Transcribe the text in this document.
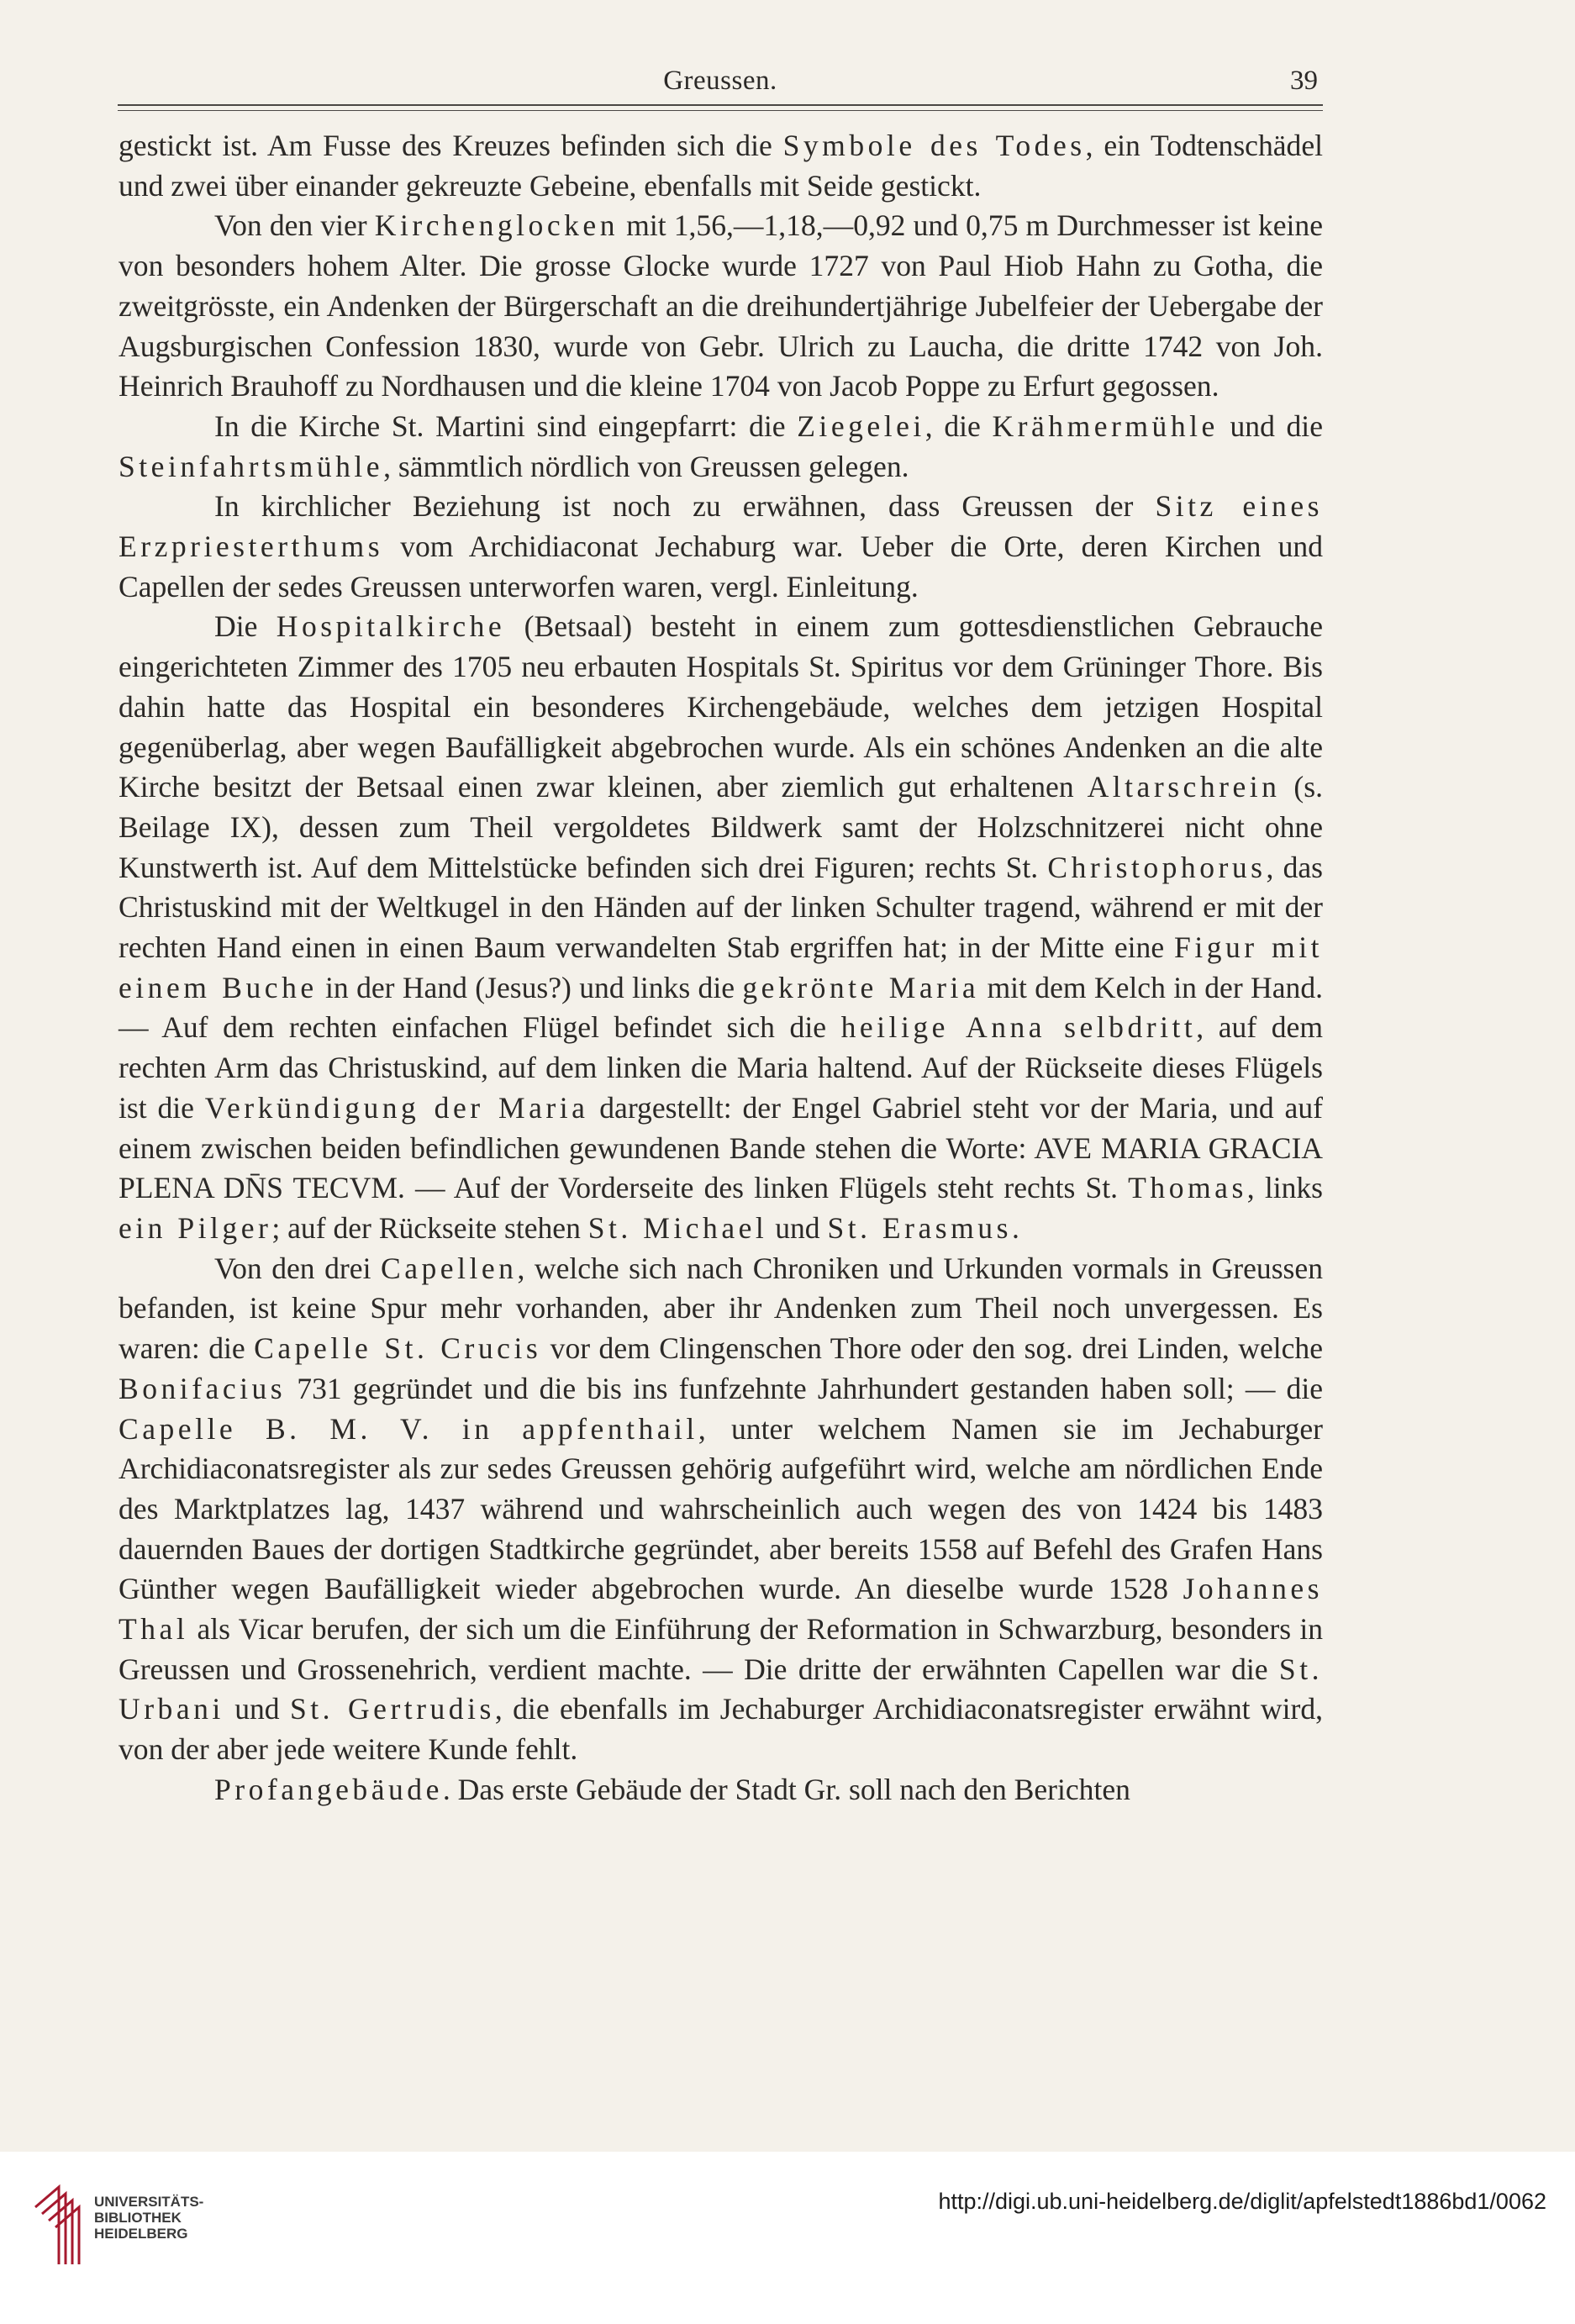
Greussen.	39

gestickt ist. Am Fusse des Kreuzes befinden sich die Symbole des Todes, ein Todtenschädel und zwei über einander gekreuzte Gebeine, ebenfalls mit Seide gestickt.

Von den vier Kirchenglocken mit 1,56,—1,18,—0,92 und 0,75 m Durchmesser ist keine von besonders hohem Alter. Die grosse Glocke wurde 1727 von Paul Hiob Hahn zu Gotha, die zweitgrösste, ein Andenken der Bürgerschaft an die dreihundertjährige Jubelfeier der Uebergabe der Augsburgischen Confession 1830, wurde von Gebr. Ulrich zu Laucha, die dritte 1742 von Joh. Heinrich Brauhoff zu Nordhausen und die kleine 1704 von Jacob Poppe zu Erfurt gegossen.

In die Kirche St. Martini sind eingepfarrt: die Ziegelei, die Krähmermühle und die Steinfahrtsmühle, sämmtlich nördlich von Greussen gelegen.

In kirchlicher Beziehung ist noch zu erwähnen, dass Greussen der Sitz eines Erzpriesterthums vom Archidiaconat Jechaburg war. Ueber die Orte, deren Kirchen und Capellen der sedes Greussen unterworfen waren, vergl. Einleitung.

Die Hospitalkirche (Betsaal) besteht in einem zum gottesdienstlichen Gebrauche eingerichteten Zimmer des 1705 neu erbauten Hospitals St. Spiritus vor dem Grüninger Thore. Bis dahin hatte das Hospital ein besonderes Kirchengebäude, welches dem jetzigen Hospital gegenüberlag, aber wegen Baufälligkeit abgebrochen wurde. Als ein schönes Andenken an die alte Kirche besitzt der Betsaal einen zwar kleinen, aber ziemlich gut erhaltenen Altarschrein (s. Beilage IX), dessen zum Theil vergoldetes Bildwerk samt der Holzschnitzerei nicht ohne Kunstwerth ist. Auf dem Mittelstücke befinden sich drei Figuren; rechts St. Christophorus, das Christuskind mit der Weltkugel in den Händen auf der linken Schulter tragend, während er mit der rechten Hand einen in einen Baum verwandelten Stab ergriffen hat; in der Mitte eine Figur mit einem Buche in der Hand (Jesus?) und links die gekrönte Maria mit dem Kelch in der Hand. — Auf dem rechten einfachen Flügel befindet sich die heilige Anna selbdritt, auf dem rechten Arm das Christuskind, auf dem linken die Maria haltend. Auf der Rückseite dieses Flügels ist die Verkündigung der Maria dargestellt: der Engel Gabriel steht vor der Maria, und auf einem zwischen beiden befindlichen gewundenen Bande stehen die Worte: AVE MARIA GRACIA PLENA DN̄S TECVM. — Auf der Vorderseite des linken Flügels steht rechts St. Thomas, links ein Pilger; auf der Rückseite stehen St. Michael und St. Erasmus.

Von den drei Capellen, welche sich nach Chroniken und Urkunden vormals in Greussen befanden, ist keine Spur mehr vorhanden, aber ihr Andenken zum Theil noch unvergessen. Es waren: die Capelle St. Crucis vor dem Clingenschen Thore oder den sog. drei Linden, welche Bonifacius 731 gegründet und die bis ins funfzehnte Jahrhundert gestanden haben soll; — die Capelle B. M. V. in appfenthail, unter welchem Namen sie im Jechaburger Archidiaconatsregister als zur sedes Greussen gehörig aufgeführt wird, welche am nördlichen Ende des Marktplatzes lag, 1437 während und wahrscheinlich auch wegen des von 1424 bis 1483 dauernden Baues der dortigen Stadtkirche gegründet, aber bereits 1558 auf Befehl des Grafen Hans Günther wegen Baufälligkeit wieder abgebrochen wurde. An dieselbe wurde 1528 Johannes Thal als Vicar berufen, der sich um die Einführung der Reformation in Schwarzburg, besonders in Greussen und Grossenehrich, verdient machte. — Die dritte der erwähnten Capellen war die St. Urbani und St. Gertrudis, die ebenfalls im Jechaburger Archidiaconatsregister erwähnt wird, von der aber jede weitere Kunde fehlt.

Profangebäude. Das erste Gebäude der Stadt Gr. soll nach den Berichten

UNIVERSITÄTS-
BIBLIOTHEK
HEIDELBERG
http://digi.ub.uni-heidelberg.de/diglit/apfelstedt1886bd1/0062
